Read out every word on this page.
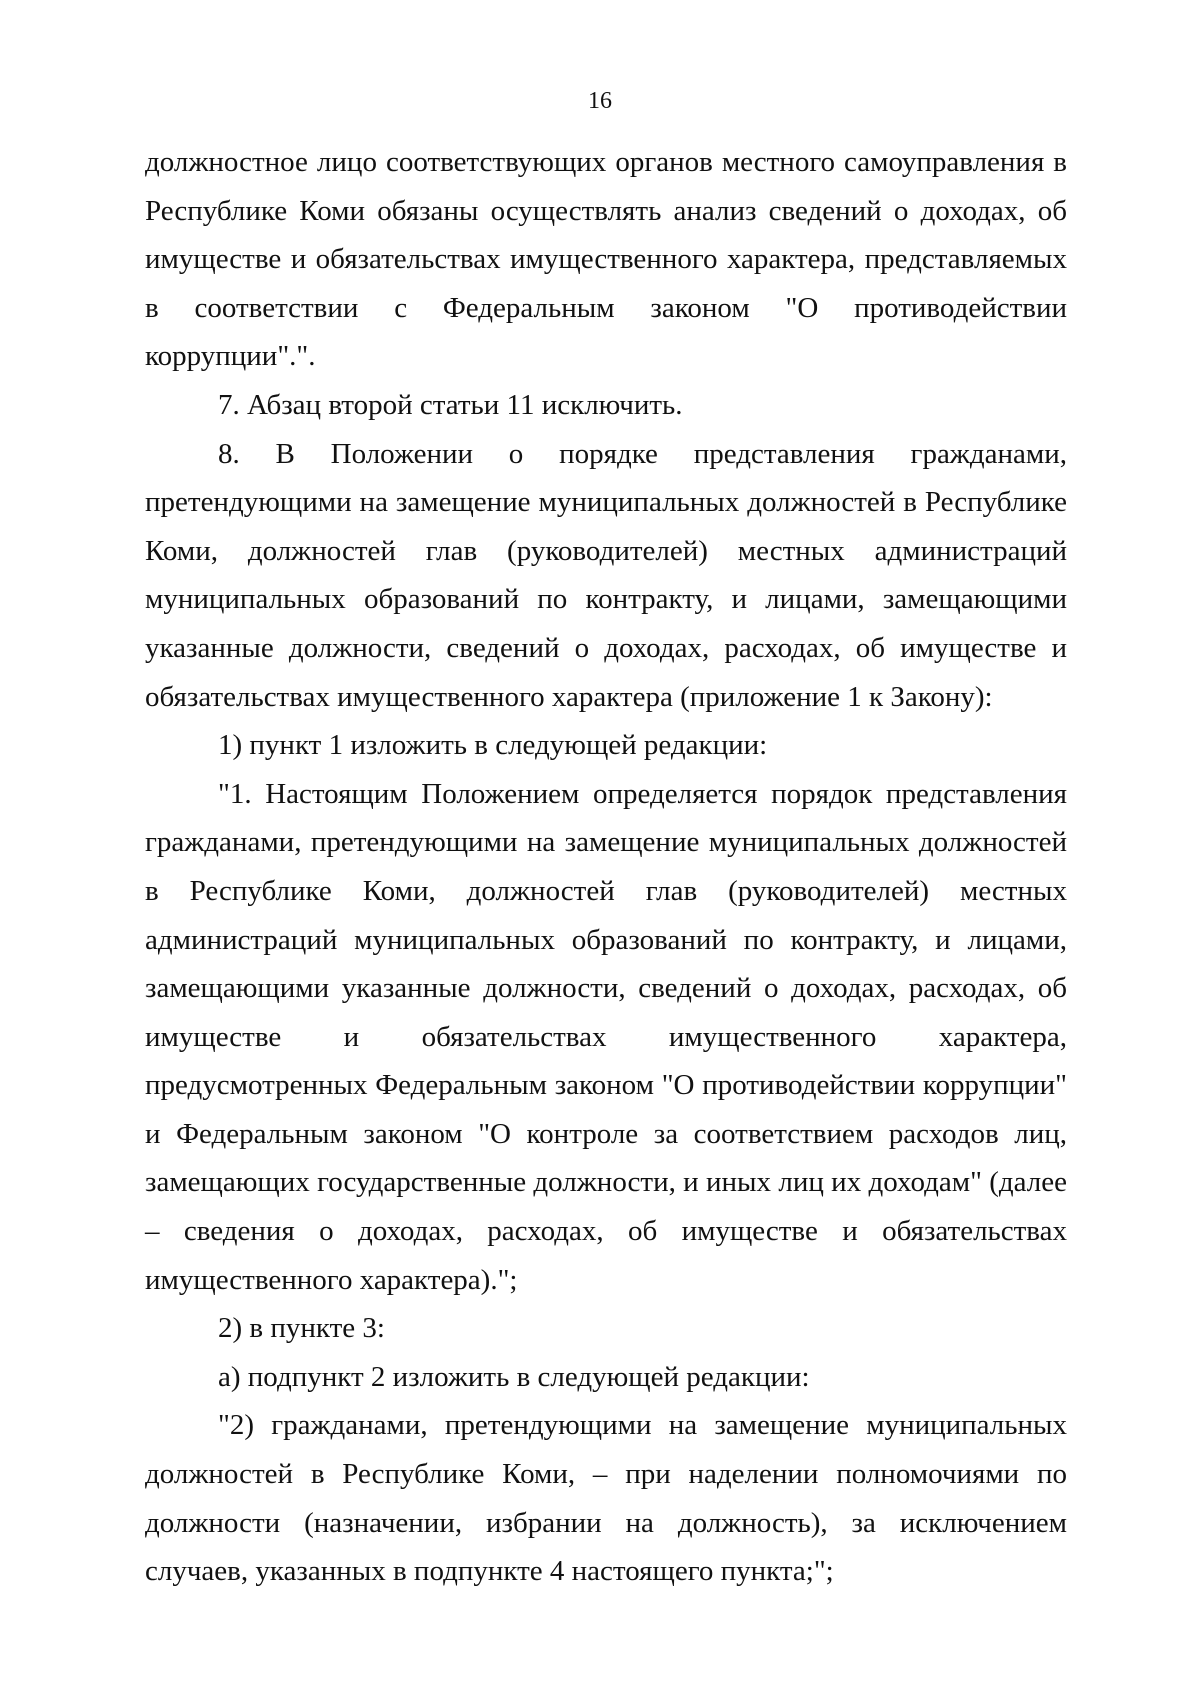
16

должностное лицо соответствующих органов местного самоуправления в Республике Коми обязаны осуществлять анализ сведений о доходах, об имуществе и обязательствах имущественного характера, представляемых в соответствии с Федеральным законом "О противодействии коррупции".".

7. Абзац второй статьи 11 исключить.

8. В Положении о порядке представления гражданами, претендующими на замещение муниципальных должностей в Республике Коми, должностей глав (руководителей) местных администраций муниципальных образований по контракту, и лицами, замещающими указанные должности, сведений о доходах, расходах, об имуществе и обязательствах имущественного характера (приложение 1 к Закону):

1) пункт 1 изложить в следующей редакции:

"1. Настоящим Положением определяется порядок представления гражданами, претендующими на замещение муниципальных должностей в Республике Коми, должностей глав (руководителей) местных администраций муниципальных образований по контракту, и лицами, замещающими указанные должности, сведений о доходах, расходах, об имуществе и обязательствах имущественного характера, предусмотренных Федеральным законом "О противодействии коррупции" и Федеральным законом "О контроле за соответствием расходов лиц, замещающих государственные должности, и иных лиц их доходам" (далее – сведения о доходах, расходах, об имуществе и обязательствах имущественного характера).";

2) в пункте 3:

а) подпункт 2 изложить в следующей редакции:

"2) гражданами, претендующими на замещение муниципальных должностей в Республике Коми, – при наделении полномочиями по должности (назначении, избрании на должность), за исключением случаев, указанных в подпункте 4 настоящего пункта;";
